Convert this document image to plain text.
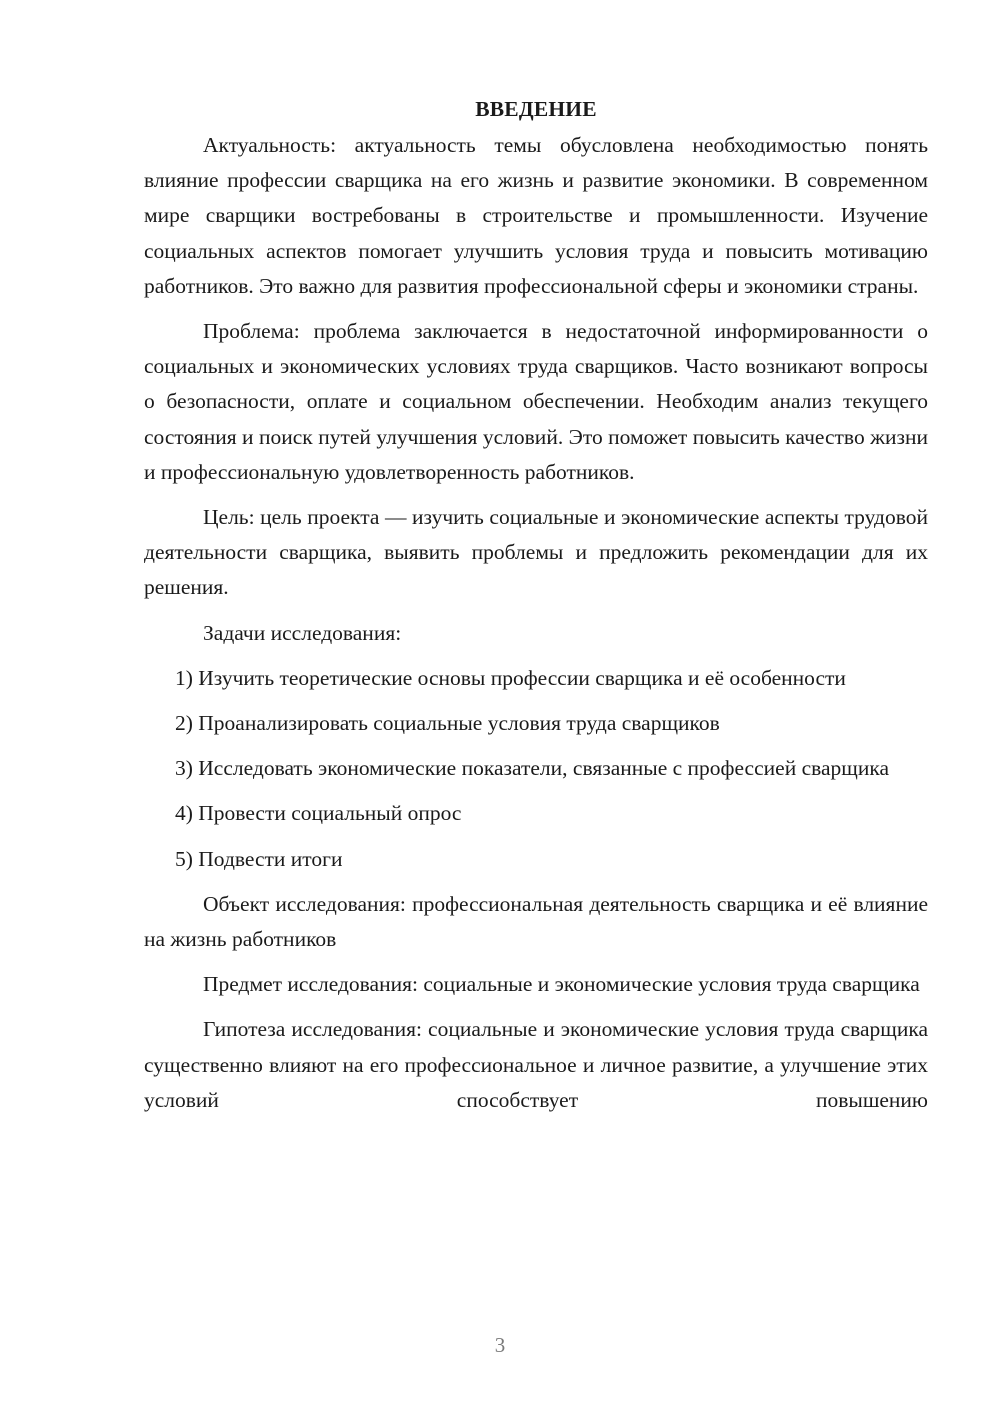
ВВЕДЕНИЕ
Актуальность: актуальность темы обусловлена необходимостью понять влияние профессии сварщика на его жизнь и развитие экономики. В современном мире сварщики востребованы в строительстве и промышленности. Изучение социальных аспектов помогает улучшить условия труда и повысить мотивацию работников. Это важно для развития профессиональной сферы и экономики страны.
Проблема: проблема заключается в недостаточной информированности о социальных и экономических условиях труда сварщиков. Часто возникают вопросы о безопасности, оплате и социальном обеспечении. Необходим анализ текущего состояния и поиск путей улучшения условий. Это поможет повысить качество жизни и профессиональную удовлетворенность работников.
Цель: цель проекта — изучить социальные и экономические аспекты трудовой деятельности сварщика, выявить проблемы и предложить рекомендации для их решения.
Задачи исследования:
1) Изучить теоретические основы профессии сварщика и её особенности
2) Проанализировать социальные условия труда сварщиков
3) Исследовать экономические показатели, связанные с профессией сварщика
4) Провести социальный опрос
5) Подвести итоги
Объект исследования: профессиональная деятельность сварщика и её влияние на жизнь работников
Предмет исследования: социальные и экономические условия труда сварщика
Гипотеза исследования: социальные и экономические условия труда сварщика существенно влияют на его профессиональное и личное развитие, а улучшение этих условий способствует повышению
3
